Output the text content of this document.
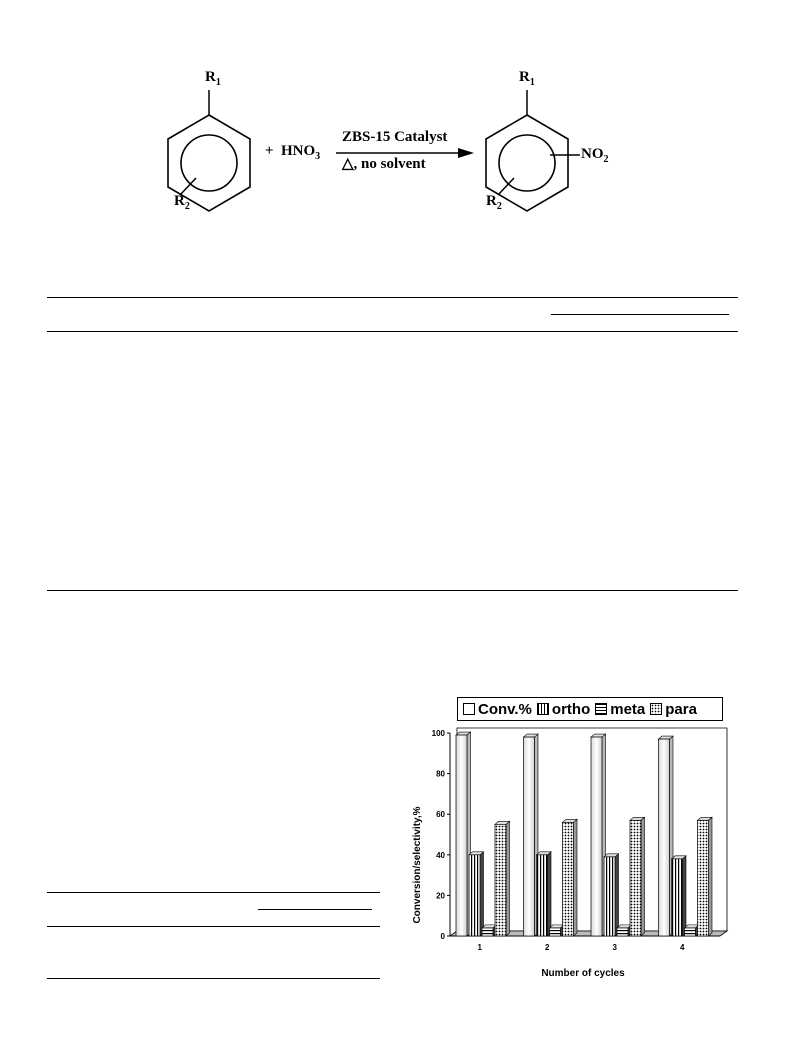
$R_1$
$R_2$
+ $HNO_3$
ZBS-15 Catalyst
△, no solvent
$R_1$
$R_2$
$NO_2$
Conv.% ortho meta para
Conversion/selectivity,%
Number of cycles
0
20
40
60
80
100
1	2	3	4
